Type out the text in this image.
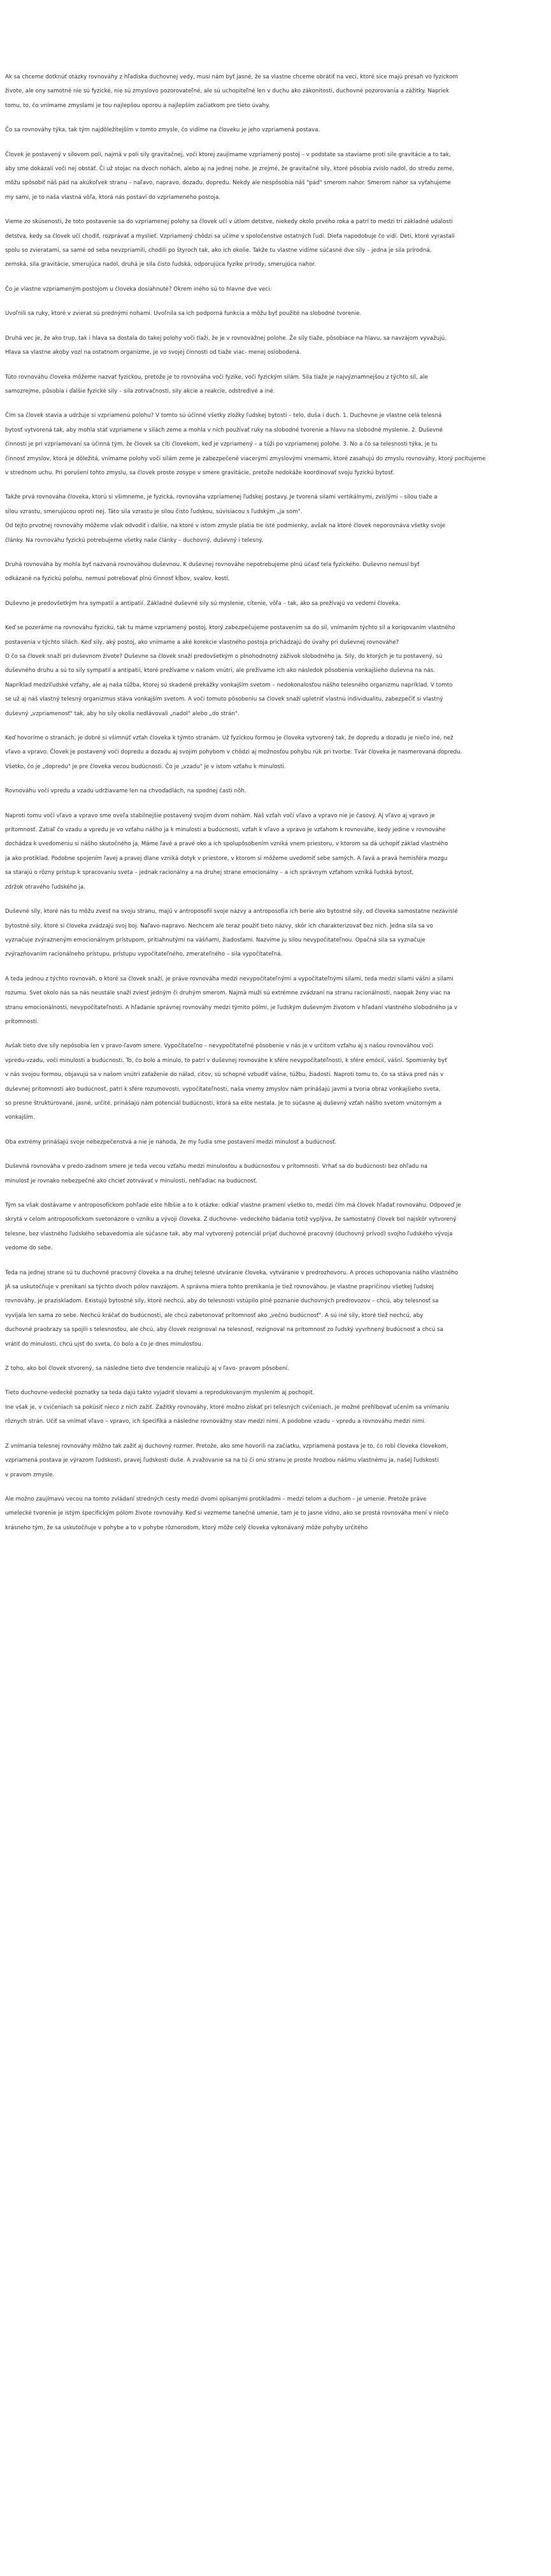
Ak sa chceme dotknúť otázky rovnováhy z hľadiska duchovnej vedy, musí nám byť jasné, že sa vlastne chceme obrátiť na veci, ktoré sice majú presah vo fyzickom
živote, ale ony samotné nie sú fyzické, nie sú zmyslovo pozorovateľné, ale sú uchopiteľné len v duchu ako zákonitosti, duchovné pozorovania a zážitky. Napriek
tomu, to, čo vnímame zmyslami je tou najlepšou oporou a najlepším začiatkom pre tieto úvahy.
Čo sa rovnováhy týka, tak tým najdôležitejším v tomto zmysle, čo vidíme na človeku je jeho vzpriamená postava.
Človek je postavený v silovom poli, najmä v poli sily gravitačnej, voči ktorej zaujímame vzpriamený postoj – v podstate sa staviame proti sile gravitácie a to tak,
aby sme dokázali voči nej obstáť. Či už stojac na dvoch nohách, alebo aj na jednej nohe. Je zrejmé, že gravitačné sily, ktoré pôsobia zvislo nadol, do stredu zeme,
môžu spôsobiť náš pád na akúkoľvek stranu – naľavo, napravo, dozadu, dopredu. Nekdy ale nespôsobia náš "pád" smerom nahor. Smerom nahor sa vyťahujeme
my sami, je to naša vlastná vôľa, ktorá nás postaví do vzpriameného postoja.
Vieme zo skúsenosti, že toto postavenie sa do vzpriamenej polohy sa človek učí v útlom detstve, niekedy okolo prvého roka a patrí to medzi tri základné udalosti
detstva, kedy sa človek učí chodiť, rozprávať a myslieť. Vzpriamený chôdzi sa učíme v spoločenstve ostatných ľudí. Dieťa napodobuje čo vidí. Deti, ktoré vyrastali
spolu so zvieratami, sa samé od seba nevzpriamili, chodili po štyroch tak, ako ich okolie. Takže tu vlastne vidíme súčasné dve sily – jedna je sila prírodná,
zemská, sila gravitácie, smerujúca nadol, druhá je sila čisto ľudská, odporujúca fyzike prírody, smerujúca nahor.
Čo je vlastne vzpriameným postojom u človeka dosiahnuté? Okrem iného sú to hlavne dve veci:
Uvoľnili sa ruky, ktoré v zvierat sú prednými nohami. Uvoľnila sa ich podporná funkcia a môžu byť použité na slobodné tvorenie.
Druhá vec je, že ako trup, tak i hlava sa dostala do takej polohy voči tlaži, že je v rovnovážnej polohe. Že sily tiaže, pôsobiace na hlavu, sa navzájom vyvažujú.
Hlava sa vlastne akoby vozí na ostatnom organizme, je vo svojej činnosti od tiaže viac- menej oslobodená.
Túto rovnováhu človeka môžeme nazvať fyzickou, pretože je to rovnováha voči fyzike, voči fyzickým silám. Sila tiaže je najvýznamnejšou z týchto síl, ale
samozrejme, působia i ďalšie fyzické sily – sila zotrvačnosti, sily akcie a reakcie, odstredivé a iné.
Čím sa človek stavia a udržuje si vzpriamenú polohu? V tomto sú účinné všetky zložky ľudskej bytosti – telo, duša i duch. 1. Duchovne je vlastne celá telesná
bytosť vytvorená tak, aby mohla stáť vzpriamene v silách zeme a mohla v nich používať ruky na slobodné tvorenie a hlavu na slobodné myslenie. 2. Duševné
činnosti je pri vzpriamovaní sa účinná tým, že človek sa cíti človekom, keď je vzpriamený – a túži po vzpriamenej polohe. 3. No a čo sa telesnosti týka, je tu
činnosť zmyslov, ktorá je dôležitá, vnímame polohy voči silám zeme je zabezpečené viacerými zmyslovými vnemami, ktoré zasahujú do zmyslu rovnováhy, ktorý pocítujeme
v strednom uchu. Pri porušení tohto zmyslu, sa človek proste zosype v smere gravitácie, pretože nedokáže koordinovať svoju fyzickú bytosť.
Takže prvá rovnováha človeka, ktorú si všimneme, je fyzická, rovnováha vzpriamenej ľudskej postavy. Je tvorená silami vertikálnymi, zvislými – silou tiaže a
silou vzrastu, smerujúcou oproti nej. Táto sila vzrastu je silou čisto ľudskou, súvisiacou s ľudským „ja som".
Od tejto prvotnej rovnováhy môžeme však odvodiť i ďalšie, na ktoré v istom zmysle platia tie isté podmienky, avšak na ktoré človek neporovnáva všetky svoje
články. Na rovnováhu fyzickú potrebujeme všetky naše články – duchovný, duševný i telesný.
Druhá rovnováha by mohla byť nazvaná rovnováhou duševnou. K duševnej rovnováhe nepotrebujeme plnú účasť tela fyzického. Duševno nemusí byť
odkázané na fyzickú polohu, nemusí potrebovať plnú činnosť kĺbov, svalov, kostí.
Duševno je predovšetkým hra sympatií a antipatií. Základné duševné sily sú myslenie, cítenie, vôľa – tak, ako sa prežívajú vo vedomí človeka.
Keď se pozeráme na rovnováhu fyzickú, tak tu máme vzpriamený postoj, ktorý zabezpečujeme postavením sa do sil, vnímaním týchto sil a koriqovaním vlastného
postavenia v týchto silách. Keď sily, aký postoj, ako vnímame a aké korekcie vlastného postoja prichádzajú do úvahy pri duševnej rovnováhe?
O čo sa človek snaží pri duševnom živote? Duševne sa človek snaží predovšetkým o plnohodnotný záživok slobodného ja. Sily, do ktorých je tu postavený, sú
duševného druhu a sú to sily sympatií a antipatií, ktoré prežívame v našom vnútri, ale prežívame ich ako následok pôsobenia vonkajšieho duševna na nás.
Napríklad medziľudské vzťahy, ale aj naša túžba, ktorej sú skadené prekážky vonkajším svetom – nedokonalosťou nášho telesného organizmu napríklad. V tomto
se už aj náš vlastný telesný organizmus stáva vonkajším svetom. A voči tomuto pôsobeniu sa človek snaží upletniť vlastnú individualitu, zabezpečiť si vlastný
duševný „vzpriamenosť" tak, aby ho sily okolia nedlávovali „nadol" alebo „do strán".
Keď hovoríme o stranách, je dobré si všimnúť vzťah človeka k týmto stranám. Už fyzickou formou je človeka vytvorený tak, že dopredu a dozadu je niečo iné, než
vľavo a vpravo. Človek je postavený voči dopredu a dozadu aj svojim pohybom v chôdzi aj možnosťou pohybu rúk pri tvorbe. Tvár človeka je nasmerovaná dopredu.
Všetko, čo je „dopredu" je pre človeka vecou budúcnosti. Čo je „vzadu" je v istom vzťahu k minulosti.
Rovnováhu voči vpredu a vzadu udržiavame len na chvoďadlách, na spodnej časti nôh.
Naproti tomu voči vľavo a vpravo sme oveľa stabilnejšie postavený svojim dvom nohám. Náš vzťah voči vľavo a vpravo nie je časový. Aj vľavo aj vpravo je
prítomnosť. Zatiaľ čo vzadu a vpredu je vo vzťahu nášho ja k minulosti a budúcnosti, vzťah k vľavo a vpravo je vzťahom k rovnováhe, kedy jedine v rovnováhe
dochádza k uvedomeniu si nášho skutočného ja. Máme ľavé a pravé oko a ich spolupôsobením vzniká vnem priestoru, v ktorom sa dá uchopiť základ vlastného
ja ako protiklad. Podobne spojením ľavej a pravej dlane vzniká dotyk v priestore, v ktorom si môžeme uvedomiť sebe samých. A ľavá a pravá hemisféra mozgu
sa starajú o rôzny prístup k spracovaniu sveta – jednak racionálny a na druhej strane emocionálny – a ich správnym vzťahom vzniká ľudská bytosť,
zdržok otravého ľudského ja.
Duševné sily, ktoré nás tu môžu zvesť na svoju stranu, majú v antroposofii svoje názvy a antroposofia ich berie ako bytostné sily, od človeka samostatne nezávislé
bytostné sily, ktoré si človeka zvádzajú svoj boj. Naľavo-napravo. Nechcem ale teraz použiť tieto názvy, skôr ich charakterizovať bez nich. Jedna sila sa vo
vyznačuje zvýrazneným emocionálnym prístupom, pritiahnutými na vášňami, žiadosťami. Nazvime ju silou nevypočitateľnou. Opačná sila sa vyznačuje
zvýrazňovaním racionálneho prístupu, prístupu vypočítateľného, zmerateľného – sila vypočítateľná.
A teda jednou z týchto rovnováh, o ktoré sa človek snaží, je práve rovnováha medzi nevypočítateľnými a vypočítateľnými silami, teda medzi silami vášní a silami
rozumu. Svet okolo nás sa nás neustále snaží zviesť jedným či druhým smerom. Najmä muži sú extrémne zvádzaní na stranu racionálnosti, naopak ženy viac na
stranu emocionálnosti, nevypočítateľnosti. A hľadanie správnej rovnováhy medzi týmito pólmi, je ľudským duševným životom v hľadaní vlastného slobodného ja v
prítomnosti.
Avšak tieto dve sily nepôsobia len v pravo-ľavom smere. Vypočítateľno – nevypočítateľné pôsobenie v nás je v určitom vzťahu aj s našou rovnováhou voči
vpredu-vzadu, voči minulosti a budúcnosti. To, čo bolo a minulo, to patrí v duševnej rovnováhe k sfére nevypočítateľnosti, k sfére emócií, vášní. Spomienky byť
v nás svojou formou, objavujú sa v našom vnútri zaťaženie do nálad, citov, sú schopné vzbudiť vášne, túžbu, žiadosti. Naproti tomu to, čo sa stáva pred nás v
duševnej prítomnosti ako budúcnosť, patrí k sfére rozumovosti, vypočítateľnosti, naša vnemy zmyslov nám prinášajú javmi a tvoria obraz vonkajšieho sveta,
so presne štruktúrované, jasné, určité, prinášajú nám potenciál budúcnosti, ktorá sa ešte nestala. Je to súčasne aj duševný vzťah nášho svetom vnútorným a
vonkajším.
Oba extrémy prinášajú svoje nebezpečenstvá a nie je náhoda, že my ľudia sme postavení medzi minulosť a budúcnosť.
Duševná rovnováha v predo-zadnom smere je teda vecou vzťahu medzi minulosťou a budúcnosťou v prítomnosti. Vrhať sa do budúcnosti bez ohľadu na
minulosť je rovnako nebezpečné ako chcieť zotrvávať v minulosti, nehľadiac na budúcnosť.
Tým sa však dostávame v antroposofickom pohľade ešte hlbšie a to k otázke: odkiaľ vlastne pramení všetko to, medzi čím má človek hľadať rovnováhu. Odpoveď je
skrytá v celom antroposofickom svetonázore o vzniku a vývoji človeka. Z duchovne- vedeckého bádania totiž vyplýva, že samostatný človek bol najskôr vytvorený
telesne, bez vlastného ľudského sebavedomia ale súčasne tak, aby mal vytvorený potenciál prijať duchovné pracovný (duchovný prívod) svojho ľudského vývoja
vedome do sebe.
Teda na jednej strane sú tu duchovné pracovný človeka a na druhej telesné utváranie človeka, vytváranie v predrozhovoru. A proces uchopovania nášho vlastného
JÁ sa uskutočňuje v prenikaní sa týchto dvoch pólov navzájom. A správna miera tohto prenikania je tiež rovnováhou. Je vlastne prapričinou všetkej ľudskej
rovnováhy, je praziskladom. Existujú bytostné sily, ktoré nechcú, aby do telesnosti vstúpilo plné poznanie duchovných predrovozov – chcú, aby telesnosť sa
vyvíjala len sama zo sebe. Nechcú kráčať do budúcnosti, ale chcú zabetonovať prítomnosť ako „večnú budúcnosť". A sú iné sily, ktoré tiež nechcú, aby
duchovné praobrazy sa spojili s telesnosťou, ale chcú, aby človek rezignoval na telesnosť, rezignoval na prítomnosť zo ľudský vyvrhnený budúcnosť a chcú sa
vrátiť do minulosti, chcú ujsť do sveta, čo bolo a čo je dnes minulosťou.
Z toho, ako bol človek stvorený, sa následne tieto dve tendencie realizujú aj v ľavo- pravom pôsobení.
Tieto duchovne-vedecké poznatky sa teda dajú takto vyjadriť slovami a reprodukovaným myslením aj pochopiť.
Ine však je, v cvičeniach sa pokúsiť nieco z nich zažiť. Zažitky rovnováhy, ktoré možno získať pri telesných cvičeniach, je možné prehlbovať učením sa vnímaniu
rôznych strán. Učiť sa vnímať vľavo – vpravo, ich špecifiká a následne rovnovážny stav medzi nimi. A podobne vzadu – vpredu a rovnováhu medzi nimi.
Z vnímania telesnej rovnováhy môžno tak zažiť aj duchovný rozmer. Pretože, ako sme hovorili na začiatku, vzpriamená postava je to, čo robí človeka človekom,
vzpriamená postava je výrazom ľudskosti, pravej ľudskosti duše. A zvažovanie sa na tú či onú stranu je proste hrozbou nášmu vlastnému ja, našej ľudskosti
v pravom zmysle.
Ale možno zaujímavú vecou na tomto zvládaní stredných cesty medzi dvomi opísanými protikladmi – medzi telom a duchom – je umenie. Pretože práve
umelecké tvorenie je istým špecifickým pólom živote rovnováhy. Keď si vezmeme tanečné umenie, tam je to jasne vidno, ako se prostá rovnováha mení v niečo
krásneho tým, že sa uskutočňuje v pohybe a to v pohybe rôznorodom, ktorý môže celý človeka vykonávaný môže pohyby určitého
